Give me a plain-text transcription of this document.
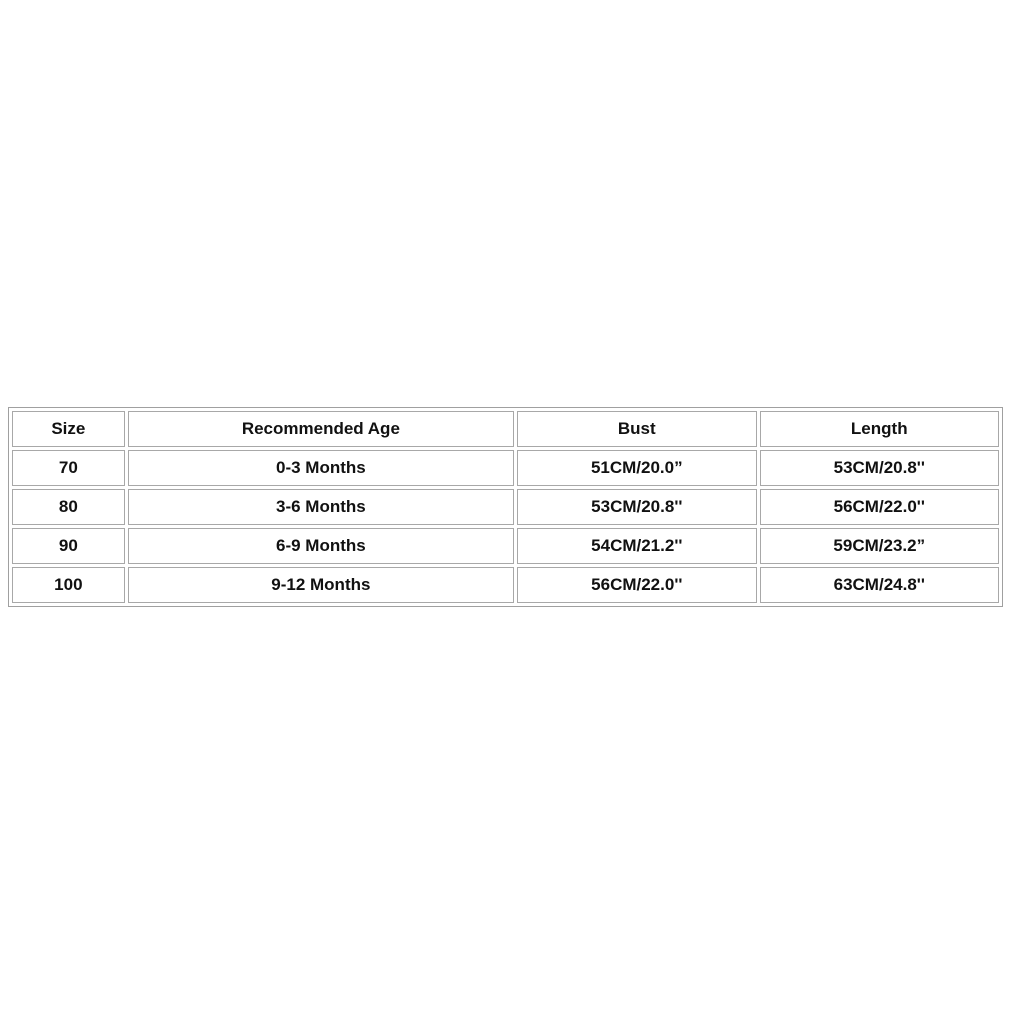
Size	Recommended Age	Bust	Length
70	0-3 Months	51CM/20.0”	53CM/20.8''
80	3-6 Months	53CM/20.8''	56CM/22.0''
90	6-9 Months	54CM/21.2''	59CM/23.2”
100	9-12 Months	56CM/22.0''	63CM/24.8''
